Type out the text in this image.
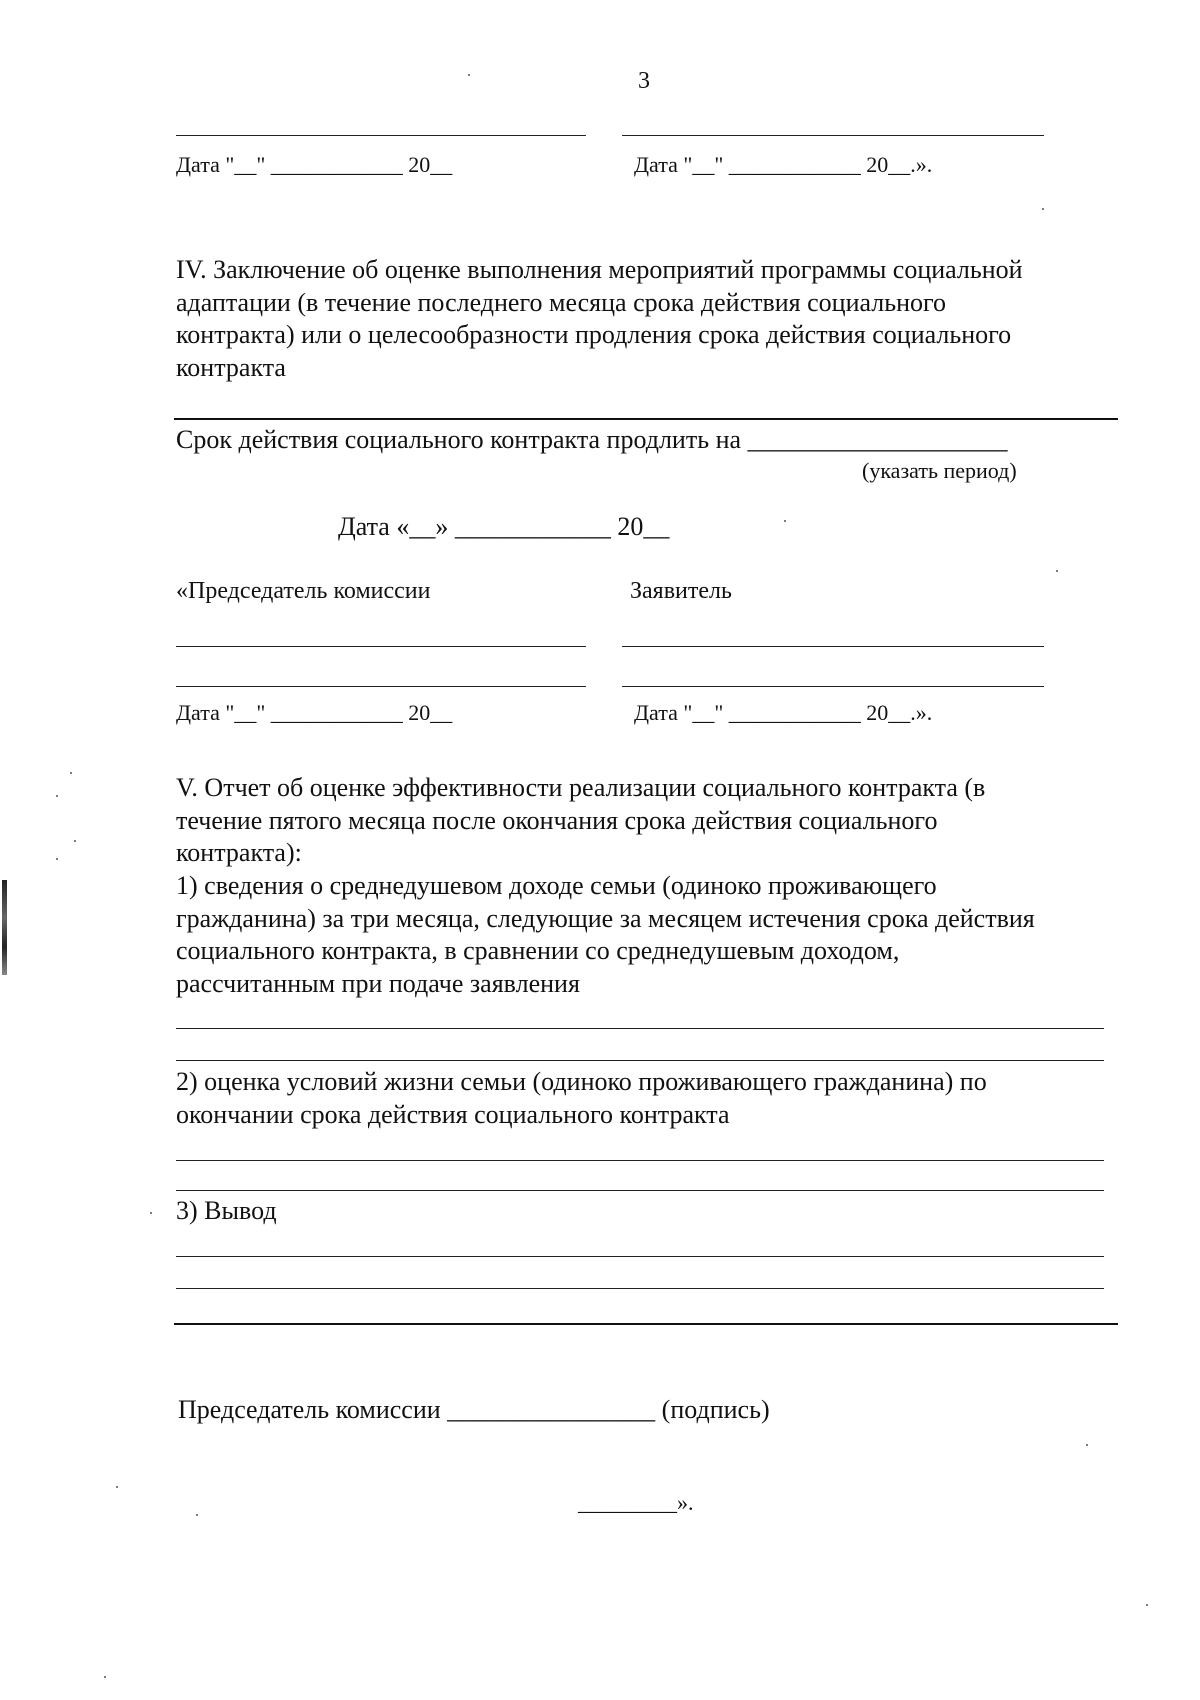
3
Дата "__" ____________ 20__	Дата "__" ____________ 20__.».
IV. Заключение об оценке выполнения мероприятий программы социальной
адаптации (в течение последнего месяца срока действия социального
контракта) или о целесообразности продления срока действия социального
контракта
Срок действия социального контракта продлить на ____________________
(указать период)
Дата «__» ____________ 20__
«Председатель комиссии	Заявитель
Дата "__" ____________ 20__	Дата "__" ____________ 20__.».
V. Отчет об оценке эффективности реализации социального контракта (в
течение пятого месяца после окончания срока действия социального
контракта):
1) сведения о среднедушевом доходе семьи (одиноко проживающего
гражданина) за три месяца, следующие за месяцем истечения срока действия
социального контракта, в сравнении со среднедушевым доходом,
рассчитанным при подаче заявления
2) оценка условий жизни семьи (одиноко проживающего гражданина) по
окончании срока действия социального контракта
3) Вывод
Председатель комиссии ________________ (подпись)
_________».
